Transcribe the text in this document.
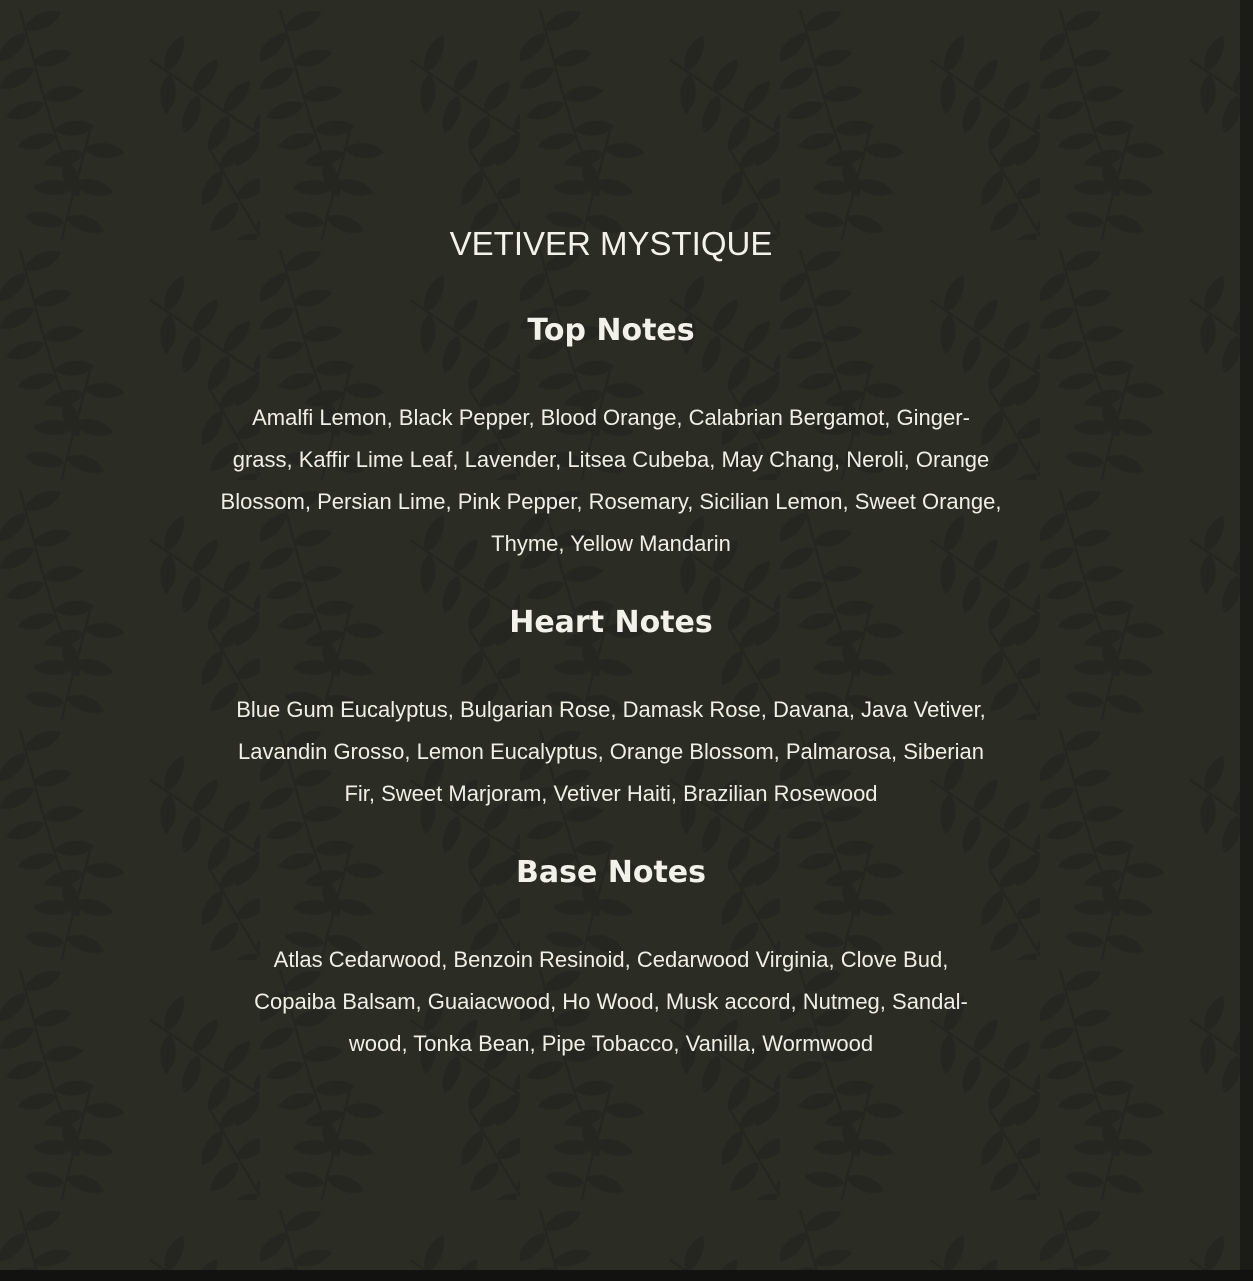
VETIVER MYSTIQUE
Top Notes

Amalfi Lemon, Black Pepper, Blood Orange, Calabrian Bergamot, Ginger-
grass, Kaffir Lime Leaf, Lavender, Litsea Cubeba, May Chang, Neroli, Orange
Blossom, Persian Lime, Pink Pepper, Rosemary, Sicilian Lemon, Sweet Orange,
Thyme, Yellow Mandarin

Heart Notes

Blue Gum Eucalyptus, Bulgarian Rose, Damask Rose, Davana, Java Vetiver,
Lavandin Grosso, Lemon Eucalyptus, Orange Blossom, Palmarosa, Siberian
Fir, Sweet Marjoram, Vetiver Haiti, Brazilian Rosewood

Base Notes

Atlas Cedarwood, Benzoin Resinoid, Cedarwood Virginia, Clove Bud,
Copaiba Balsam, Guaiacwood, Ho Wood, Musk accord, Nutmeg, Sandal-
wood, Tonka Bean, Pipe Tobacco, Vanilla, Wormwood
